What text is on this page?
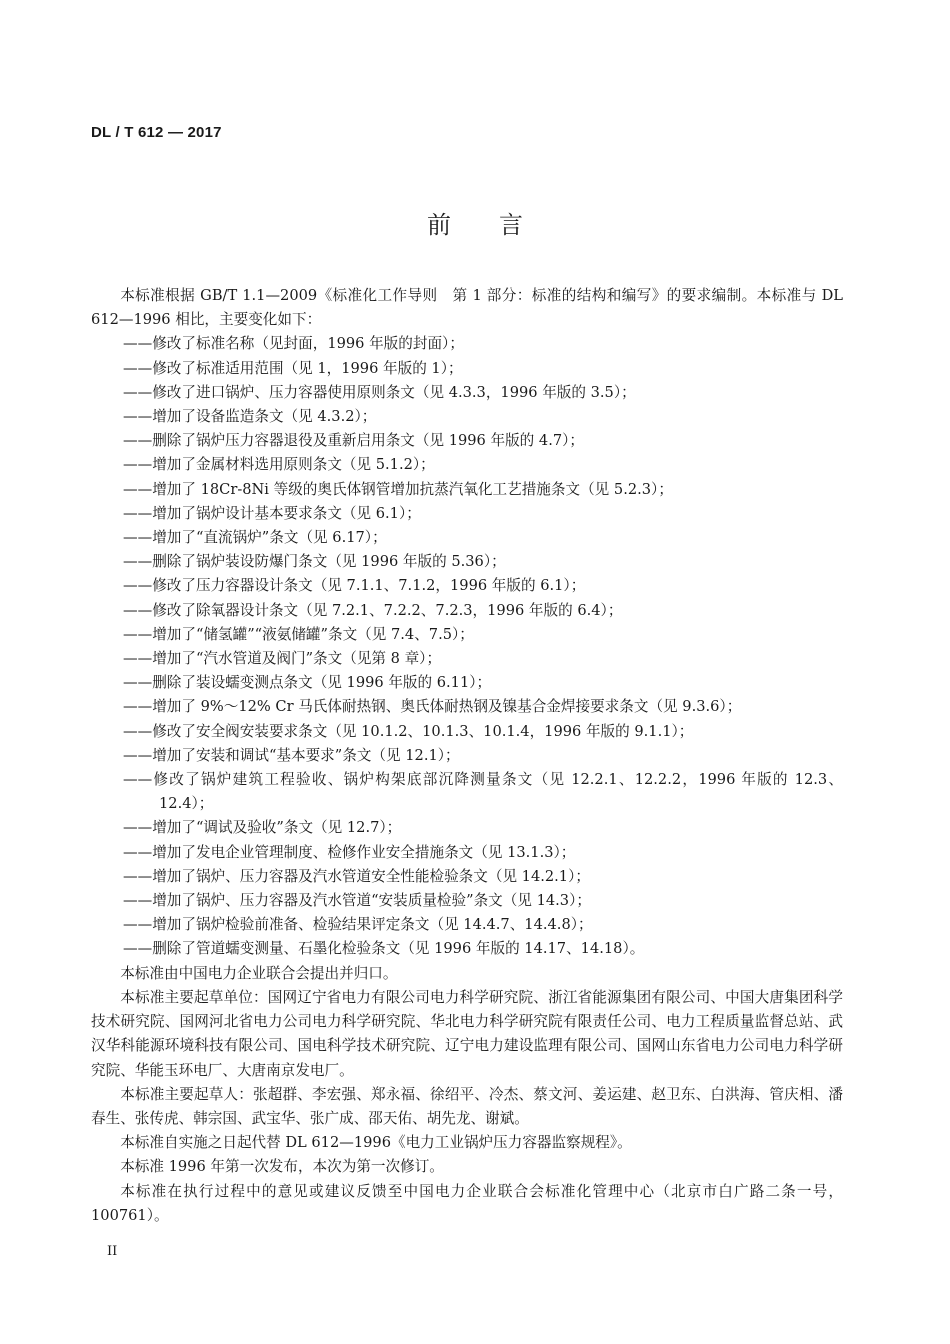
DL / T 612 — 2017
前　　言

本标准根据 GB/T 1.1—2009《标准化工作导则　第 1 部分：标准的结构和编写》的要求编制。本标准与 DL 612—1996 相比，主要变化如下：

——修改了标准名称（见封面，1996 年版的封面）；
——修改了标准适用范围（见 1，1996 年版的 1）；
——修改了进口锅炉、压力容器使用原则条文（见 4.3.3，1996 年版的 3.5）；
——增加了设备监造条文（见 4.3.2）；
——删除了锅炉压力容器退役及重新启用条文（见 1996 年版的 4.7）；
——增加了金属材料选用原则条文（见 5.1.2）；
——增加了 18Cr-8Ni 等级的奥氏体钢管增加抗蒸汽氧化工艺措施条文（见 5.2.3）；
——增加了锅炉设计基本要求条文（见 6.1）；
——增加了“直流锅炉”条文（见 6.17）；
——删除了锅炉装设防爆门条文（见 1996 年版的 5.36）；
——修改了压力容器设计条文（见 7.1.1、7.1.2，1996 年版的 6.1）；
——修改了除氧器设计条文（见 7.2.1、7.2.2、7.2.3，1996 年版的 6.4）；
——增加了“储氢罐”“液氨储罐”条文（见 7.4、7.5）；
——增加了“汽水管道及阀门”条文（见第 8 章）；
——删除了装设蠕变测点条文（见 1996 年版的 6.11）；
——增加了 9%～12% Cr 马氏体耐热钢、奥氏体耐热钢及镍基合金焊接要求条文（见 9.3.6）；
——修改了安全阀安装要求条文（见 10.1.2、10.1.3、10.1.4，1996 年版的 9.1.1）；
——增加了安装和调试“基本要求”条文（见 12.1）；
——修改了锅炉建筑工程验收、锅炉构架底部沉降测量条文（见 12.2.1、12.2.2，1996 年版的 12.3、12.4）；
——增加了“调试及验收”条文（见 12.7）；
——增加了发电企业管理制度、检修作业安全措施条文（见 13.1.3）；
——增加了锅炉、压力容器及汽水管道安全性能检验条文（见 14.2.1）；
——增加了锅炉、压力容器及汽水管道“安装质量检验”条文（见 14.3）；
——增加了锅炉检验前准备、检验结果评定条文（见 14.4.7、14.4.8）；
——删除了管道蠕变测量、石墨化检验条文（见 1996 年版的 14.17、14.18）。

本标准由中国电力企业联合会提出并归口。

本标准主要起草单位：国网辽宁省电力有限公司电力科学研究院、浙江省能源集团有限公司、中国大唐集团科学技术研究院、国网河北省电力公司电力科学研究院、华北电力科学研究院有限责任公司、电力工程质量监督总站、武汉华科能源环境科技有限公司、国电科学技术研究院、辽宁电力建设监理有限公司、国网山东省电力公司电力科学研究院、华能玉环电厂、大唐南京发电厂。

本标准主要起草人：张超群、李宏强、郑永福、徐绍平、冷杰、蔡文河、姜运建、赵卫东、白洪海、管庆相、潘春生、张传虎、韩宗国、武宝华、张广成、邵天佑、胡先龙、谢斌。

本标准自实施之日起代替 DL 612—1996《电力工业锅炉压力容器监察规程》。

本标准 1996 年第一次发布，本次为第一次修订。

本标准在执行过程中的意见或建议反馈至中国电力企业联合会标准化管理中心（北京市白广路二条一号，100761）。

II
